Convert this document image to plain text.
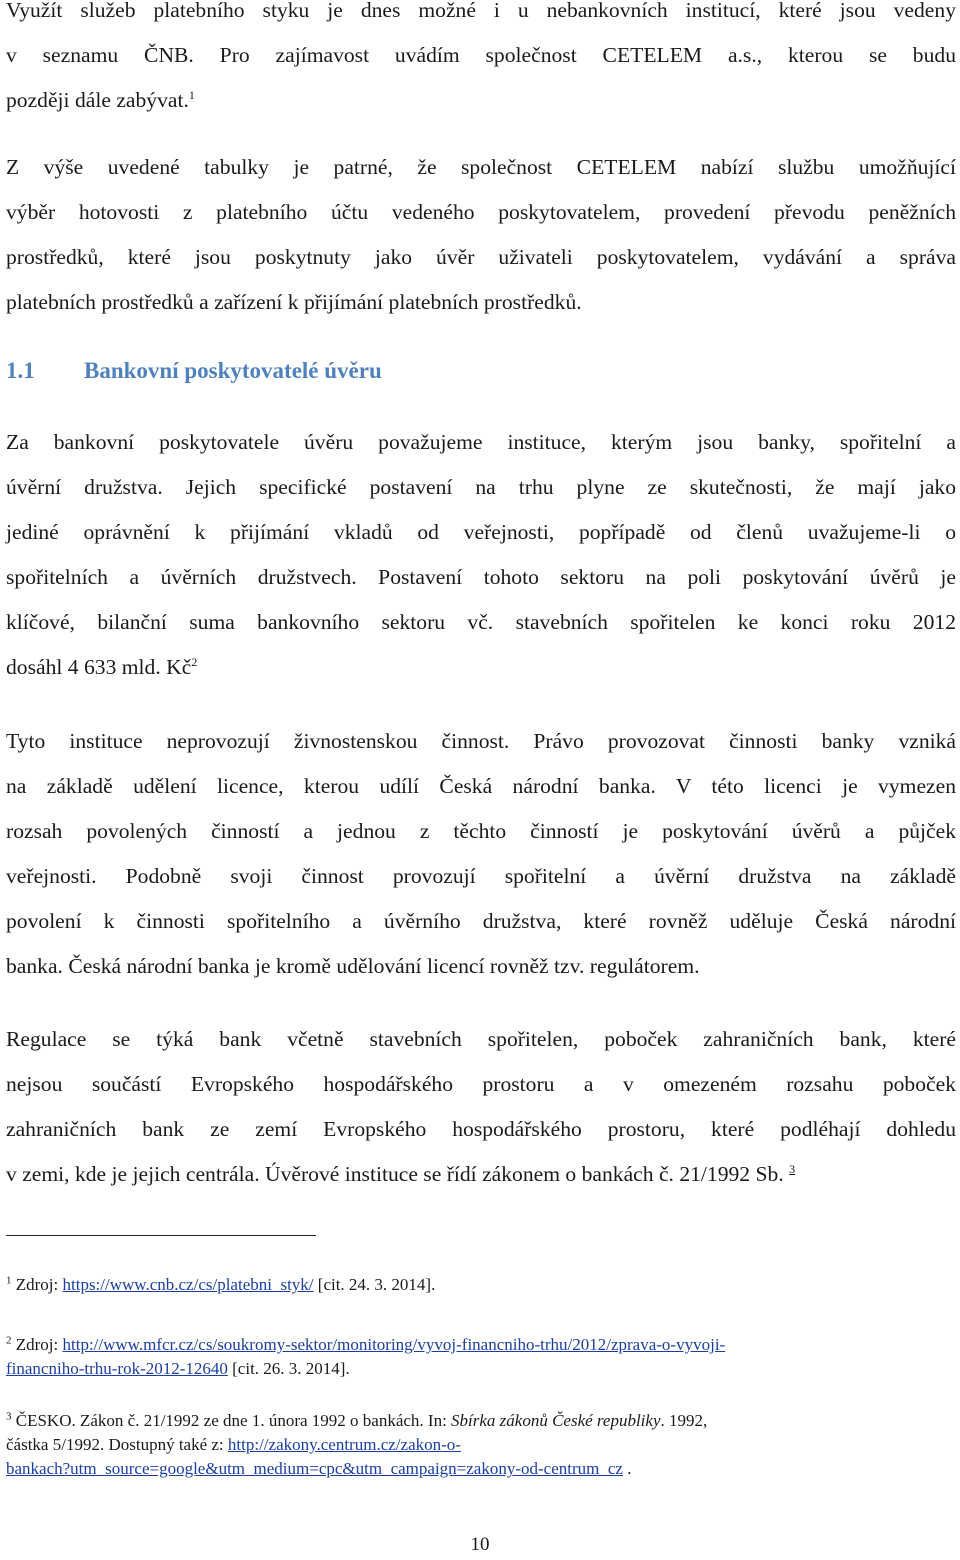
Využít služeb platebního styku je dnes možné i u nebankovních institucí, které jsou vedeny
v seznamu ČNB. Pro zajímavost uvádím společnost CETELEM a.s., kterou se budu
později dále zabývat.$^1$

Z výše uvedené tabulky je patrné, že společnost CETELEM nabízí službu umožňující
výběr hotovosti z platebního účtu vedeného poskytovatelem, provedení převodu peněžních
prostředků, které jsou poskytnuty jako úvěr uživateli poskytovatelem, vydávání a správa
platebních prostředků a zařízení k přijímání platebních prostředků.

1.1 Bankovní poskytovatelé úvěru

Za bankovní poskytovatele úvěru považujeme instituce, kterým jsou banky, spořitelní a
úvěrní družstva. Jejich specifické postavení na trhu plyne ze skutečnosti, že mají jako
jediné oprávnění k přijímání vkladů od veřejnosti, popřípadě od členů uvažujeme-li o
spořitelních a úvěrních družstvech. Postavení tohoto sektoru na poli poskytování úvěrů je
klíčové, bilanční suma bankovního sektoru vč. stavebních spořitelen ke konci roku 2012
dosáhl 4 633 mld. $Kč^2$

Tyto instituce neprovozují živnostenskou činnost. Právo provozovat činnosti banky vzniká
na základě udělení licence, kterou udílí Česká národní banka. V této licenci je vymezen
rozsah povolených činností a jednou z těchto činností je poskytování úvěrů a půjček
veřejnosti. Podobně svoji činnost provozují spořitelní a úvěrní družstva na základě
povolení k činnosti spořitelního a úvěrního družstva, které rovněž uděluje Česká národní
banka. Česká národní banka je kromě udělování licencí rovněž tzv. regulátorem.

Regulace se týká bank včetně stavebních spořitelen, poboček zahraničních bank, které
nejsou součástí Evropského hospodářského prostoru a v omezeném rozsahu poboček
zahraničních bank ze zemí Evropského hospodářského prostoru, které podléhají dohledu
v zemi, kde je jejich centrála. Úvěrové instituce se řídí zákonem o bankách č. 21/1992 Sb. $^3$

$^1$ Zdroj: https://www.cnb.cz/cs/platebni_styk/ [cit. 24. 3. 2014].

$^2$ Zdroj: http://www.mfcr.cz/cs/soukromy-sektor/monitoring/vyvoj-financniho-trhu/2012/zprava-o-vyvoji-
financniho-trhu-rok-2012-12640 [cit. 26. 3. 2014].

$^3$ ČESKO. Zákon č. 21/1992 ze dne 1. února 1992 o bankách. In: Sbírka zákonů České republiky. 1992,
částka 5/1992. Dostupný také z: http://zakony.centrum.cz/zakon-o-
bankach?utm_source=google&utm_medium=cpc&utm_campaign=zakony-od-centrum_cz .

10
